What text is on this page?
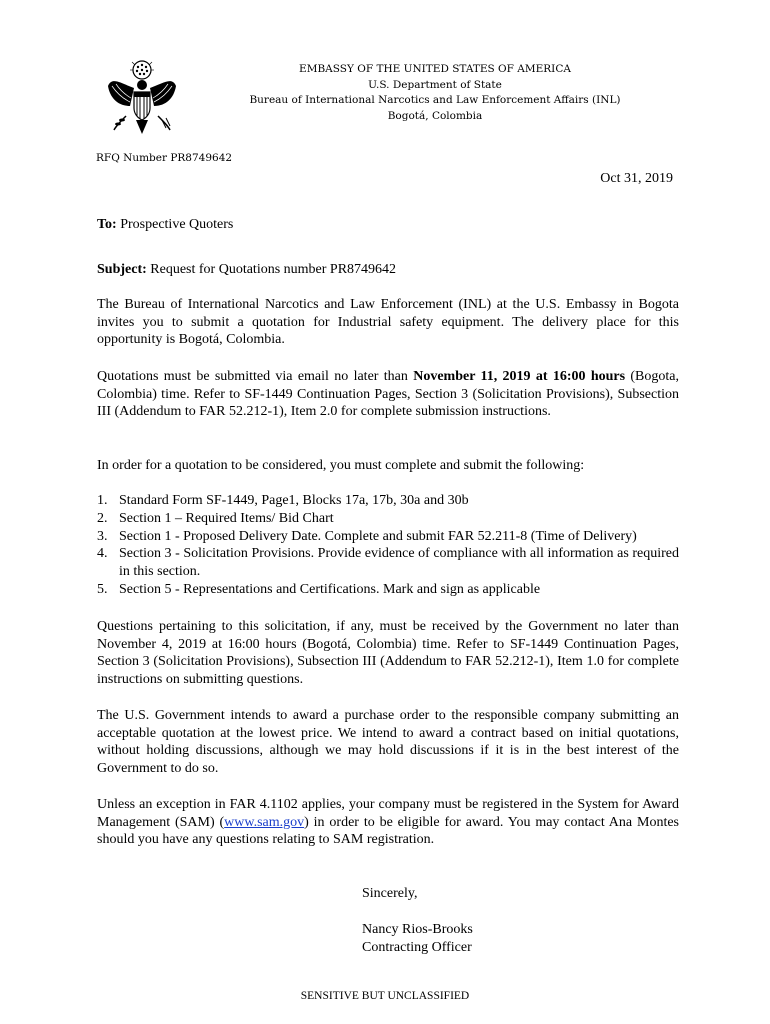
EMBASSY OF THE UNITED STATES OF AMERICA
U.S. Department of State
Bureau of International Narcotics and Law Enforcement Affairs (INL)
Bogotá, Colombia
RFQ Number PR8749642
Oct 31, 2019
To: Prospective Quoters
Subject: Request for Quotations number PR8749642
The Bureau of International Narcotics and Law Enforcement (INL) at the U.S. Embassy in Bogota invites you to submit a quotation for Industrial safety equipment. The delivery place for this opportunity is Bogotá, Colombia.
Quotations must be submitted via email no later than November 11, 2019 at 16:00 hours (Bogota, Colombia) time. Refer to SF-1449 Continuation Pages, Section 3 (Solicitation Provisions), Subsection III (Addendum to FAR 52.212-1), Item 2.0 for complete submission instructions.
In order for a quotation to be considered, you must complete and submit the following:
1. Standard Form SF-1449, Page1, Blocks 17a, 17b, 30a and 30b
2. Section 1 – Required Items/ Bid Chart
3. Section 1 - Proposed Delivery Date. Complete and submit FAR 52.211-8 (Time of Delivery)
4. Section 3 - Solicitation Provisions. Provide evidence of compliance with all information as required in this section.
5. Section 5 - Representations and Certifications. Mark and sign as applicable
Questions pertaining to this solicitation, if any, must be received by the Government no later than November 4, 2019 at 16:00 hours (Bogotá, Colombia) time. Refer to SF-1449 Continuation Pages, Section 3 (Solicitation Provisions), Subsection III (Addendum to FAR 52.212-1), Item 1.0 for complete instructions on submitting questions.
The U.S. Government intends to award a purchase order to the responsible company submitting an acceptable quotation at the lowest price. We intend to award a contract based on initial quotations, without holding discussions, although we may hold discussions if it is in the best interest of the Government to do so.
Unless an exception in FAR 4.1102 applies, your company must be registered in the System for Award Management (SAM) (www.sam.gov) in order to be eligible for award. You may contact Ana Montes should you have any questions relating to SAM registration.
Sincerely,
Nancy Rios-Brooks
Contracting Officer
SENSITIVE BUT UNCLASSIFIED
